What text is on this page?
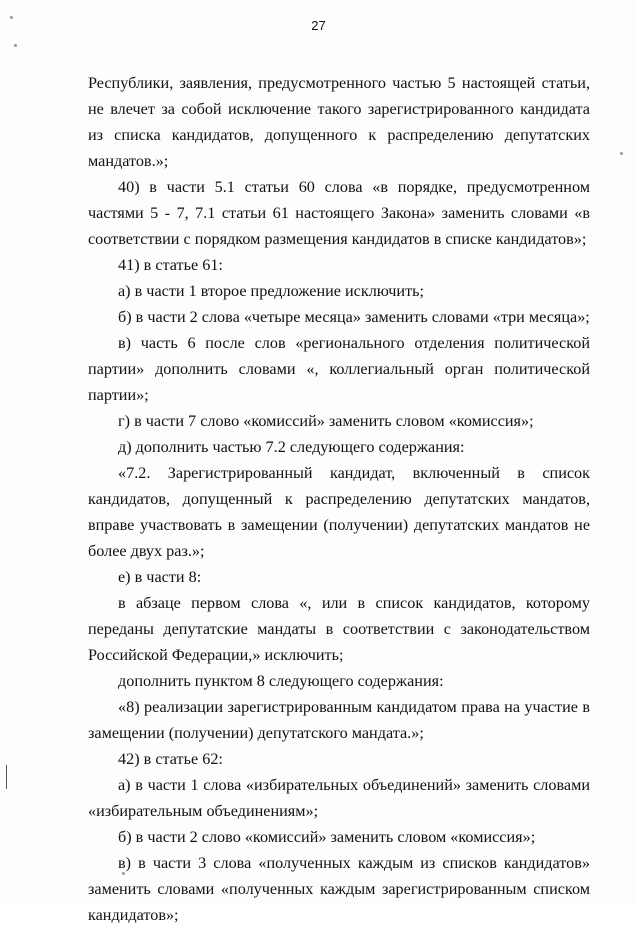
27

Республики, заявления, предусмотренного частью 5 настоящей статьи, не влечет за собой исключение такого зарегистрированного кандидата из списка кандидатов, допущенного к распределению депутатских мандатов.»;

40) в части 5.1 статьи 60 слова «в порядке, предусмотренном частями 5 - 7, 7.1 статьи 61 настоящего Закона» заменить словами «в соответствии с порядком размещения кандидатов в списке кандидатов»;

41) в статье 61:

а) в части 1 второе предложение исключить;

б) в части 2 слова «четыре месяца» заменить словами «три месяца»;

в) часть 6 после слов «регионального отделения политической партии» дополнить словами «, коллегиальный орган политической партии»;

г) в части 7 слово «комиссий» заменить словом «комиссия»;

д) дополнить частью 7.2 следующего содержания:

«7.2. Зарегистрированный кандидат, включенный в список кандидатов, допущенный к распределению депутатских мандатов, вправе участвовать в замещении (получении) депутатских мандатов не более двух раз.»;

е) в части 8:

в абзаце первом слова «, или в список кандидатов, которому переданы депутатские мандаты в соответствии с законодательством Российской Федерации,» исключить;

дополнить пунктом 8 следующего содержания:

«8) реализации зарегистрированным кандидатом права на участие в замещении (получении) депутатского мандата.»;

42) в статье 62:

а) в части 1 слова «избирательных объединений» заменить словами «избирательным объединениям»;

б) в части 2 слово «комиссий» заменить словом «комиссия»;

в) в части 3 слова «полученных каждым из списков кандидатов» заменить словами «полученных каждым зарегистрированным списком кандидатов»;
